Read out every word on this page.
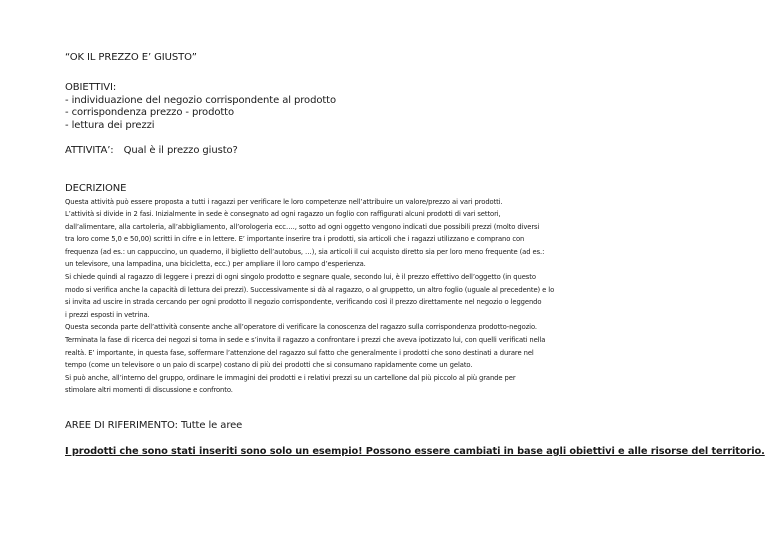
“OK IL PREZZO E’ GIUSTO”
OBIETTIVI:
- individuazione del negozio corrispondente al prodotto
- corrispondenza prezzo - prodotto
- lettura dei prezzi
ATTIVITA’: Qual è il prezzo giusto?
DECRIZIONE
Questa attività può essere proposta a tutti i ragazzi per verificare le loro competenze nell’attribuire un valore/prezzo ai vari prodotti.
L’attività si divide in 2 fasi. Inizialmente in sede è consegnato ad ogni ragazzo un foglio con raffigurati alcuni prodotti di vari settori,
dall’alimentare, alla cartoleria, all’abbigliamento, all’orologeria ecc…., sotto ad ogni oggetto vengono indicati due possibili prezzi (molto diversi
tra loro come 5,0 e 50,00) scritti in cifre e in lettere. E’ importante inserire tra i prodotti, sia articoli che i ragazzi utilizzano e comprano con
frequenza (ad es.: un cappuccino, un quaderno, il biglietto dell’autobus, …), sia articoli il cui acquisto diretto sia per loro meno frequente (ad es.:
un televisore, una lampadina, una bicicletta, ecc.) per ampliare il loro campo d’esperienza.
Si chiede quindi al ragazzo di leggere i prezzi di ogni singolo prodotto e segnare quale, secondo lui, è il prezzo effettivo dell’oggetto (in questo
modo si verifica anche la capacità di lettura dei prezzi). Successivamente si dà al ragazzo, o al gruppetto, un altro foglio (uguale al precedente) e lo
si invita ad uscire in strada cercando per ogni prodotto il negozio corrispondente, verificando così il prezzo direttamente nel negozio o leggendo
i prezzi esposti in vetrina.
Questa seconda parte dell’attività consente anche all’operatore di verificare la conoscenza del ragazzo sulla corrispondenza prodotto-negozio.
Terminata la fase di ricerca dei negozi si torna in sede e s’invita il ragazzo a confrontare i prezzi che aveva ipotizzato lui, con quelli verificati nella
realtà. E’ importante, in questa fase, soffermare l’attenzione del ragazzo sul fatto che generalmente i prodotti che sono destinati a durare nel
tempo (come un televisore o un paio di scarpe) costano di più dei prodotti che si consumano rapidamente come un gelato.
Si può anche, all’interno del gruppo, ordinare le immagini dei prodotti e i relativi prezzi su un cartellone dal più piccolo al più grande per
stimolare altri momenti di discussione e confronto.
AREE DI RIFERIMENTO: Tutte le aree
I prodotti che sono stati inseriti sono solo un esempio! Possono essere cambiati in base agli obiettivi e alle risorse del territorio.
